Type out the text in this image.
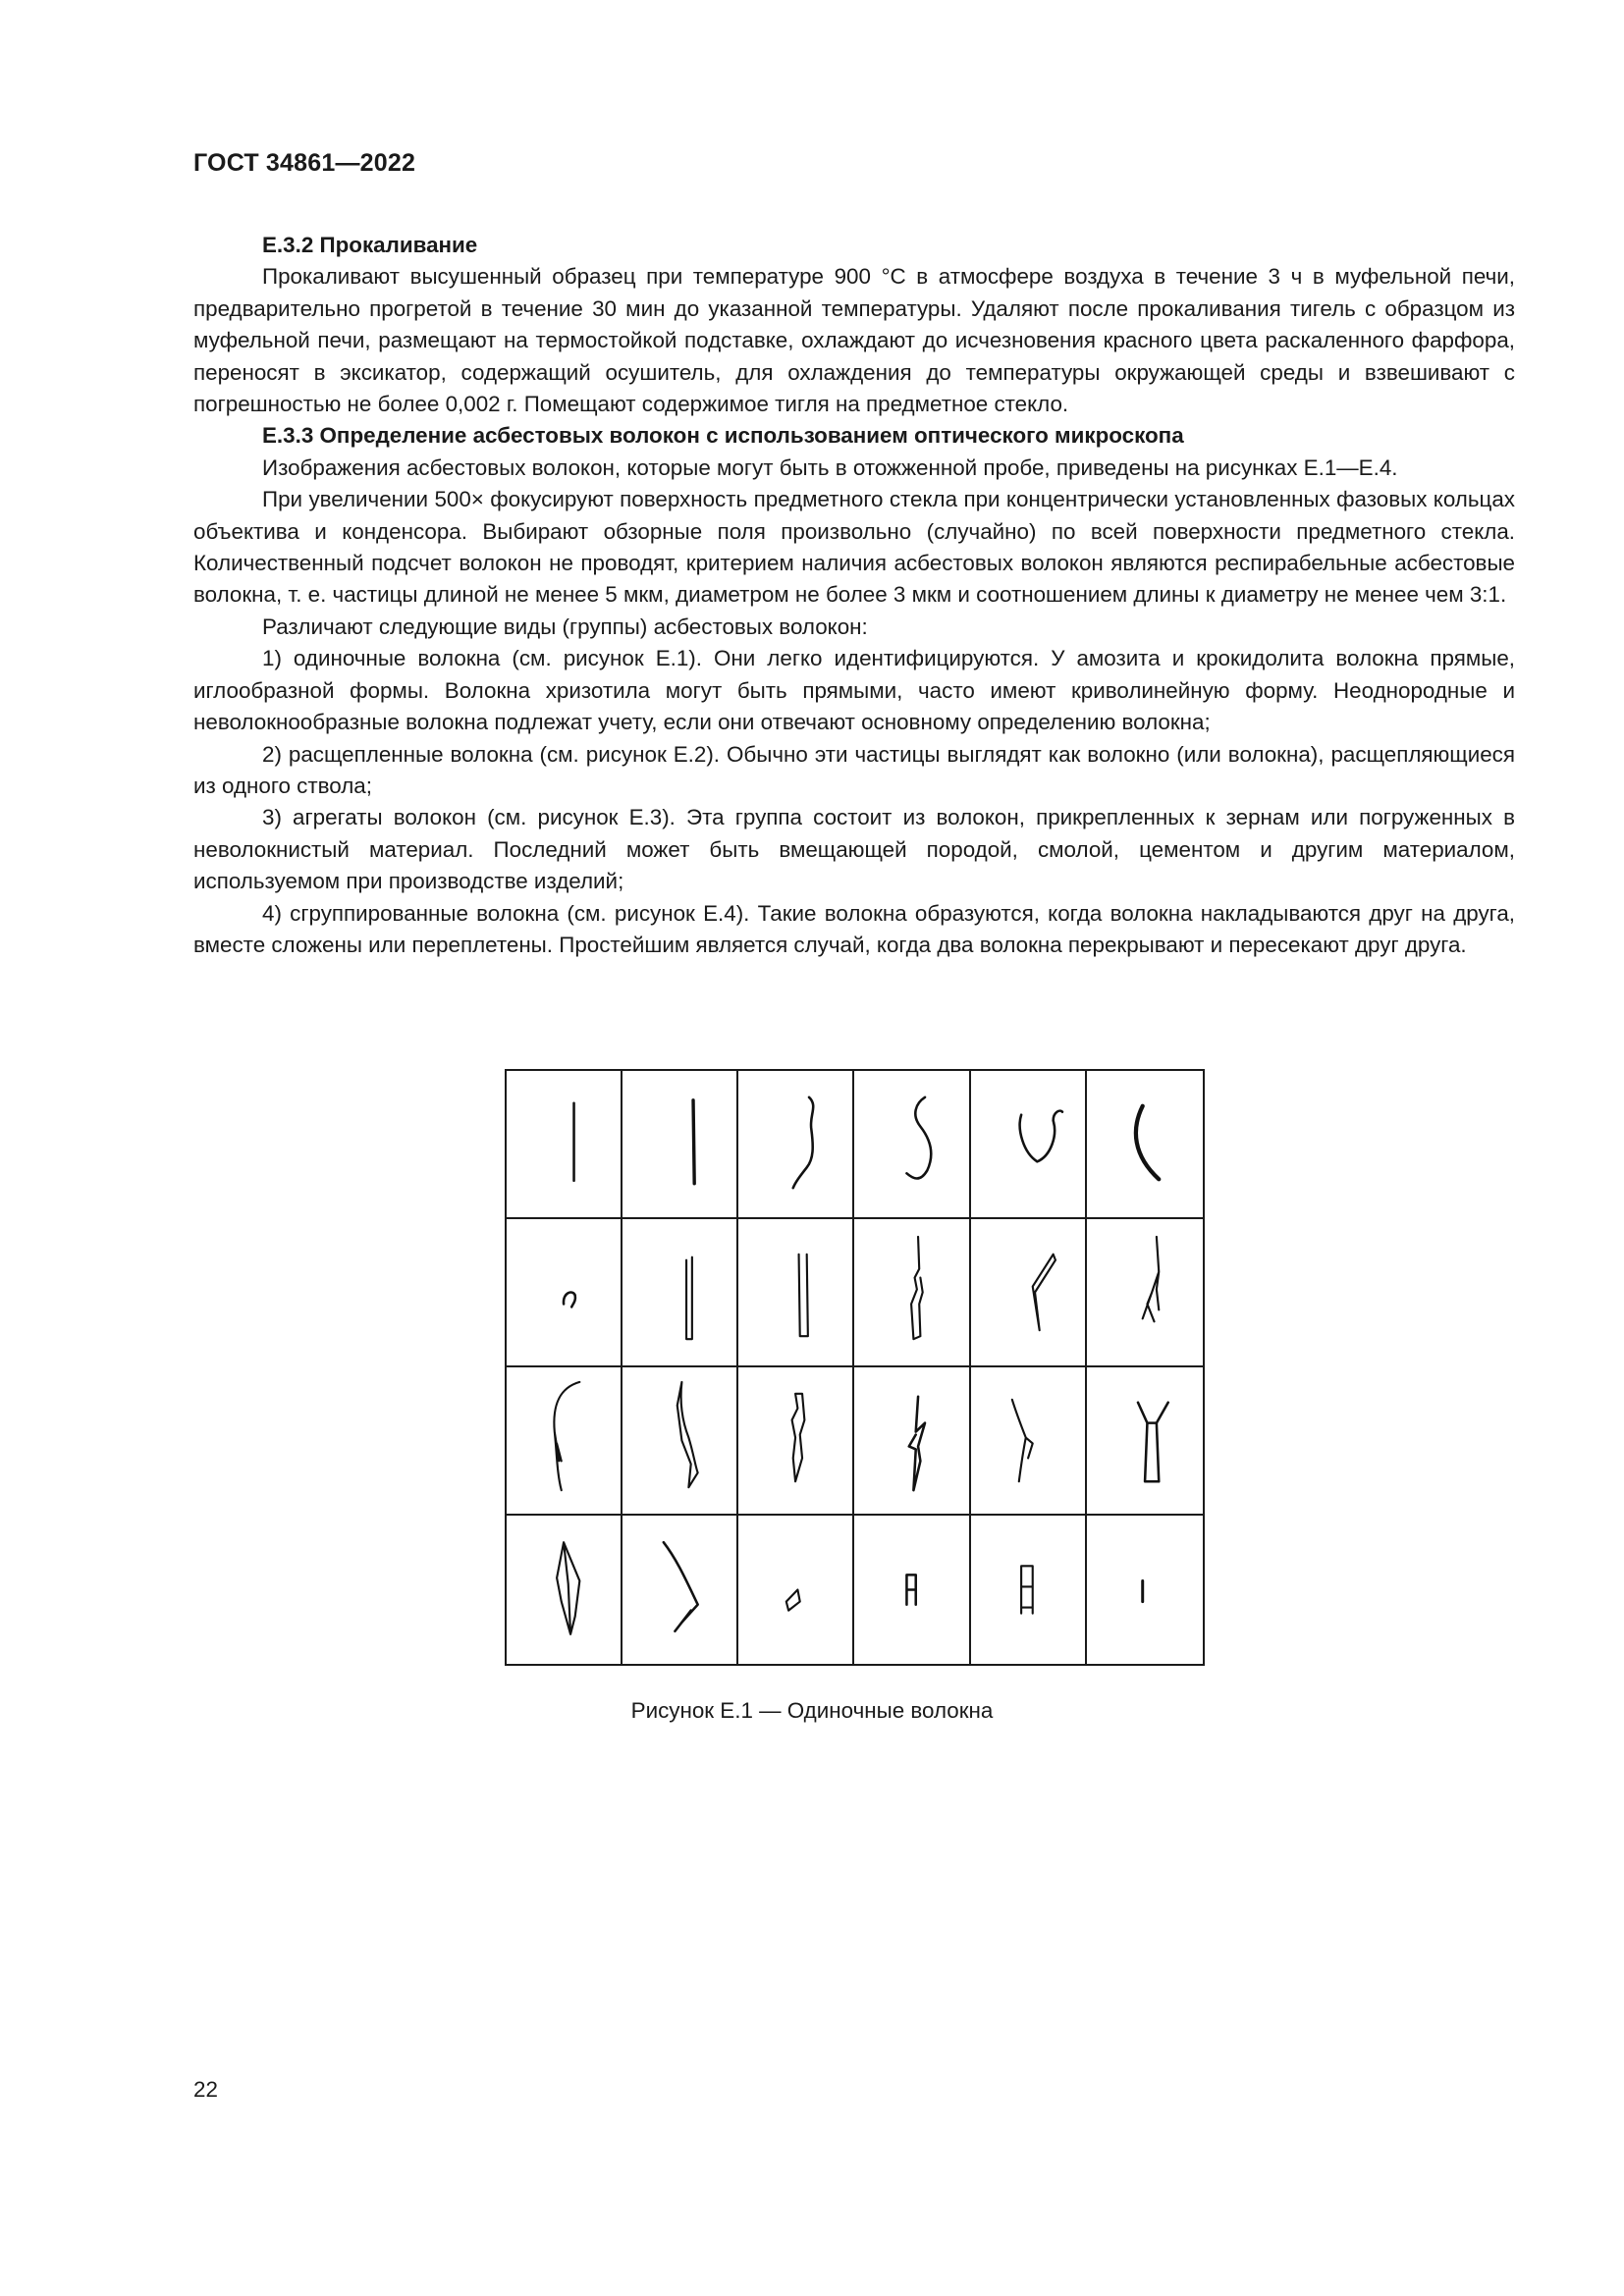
ГОСТ 34861—2022

Е.3.2 Прокаливание

Прокаливают высушенный образец при температуре 900 °С в атмосфере воздуха в течение 3 ч в муфельной печи, предварительно прогретой в течение 30 мин до указанной температуры. Удаляют после прокаливания тигель с образцом из муфельной печи, размещают на термостойкой подставке, охлаждают до исчезновения красного цвета раскаленного фарфора, переносят в эксикатор, содержащий осушитель, для охлаждения до температуры окружающей среды и взвешивают с погрешностью не более 0,002 г. Помещают содержимое тигля на предметное стекло.

Е.3.3 Определение асбестовых волокон с использованием оптического микроскопа

Изображения асбестовых волокон, которые могут быть в отожженной пробе, приведены на рисунках Е.1—Е.4.

При увеличении 500× фокусируют поверхность предметного стекла при концентрически установленных фазовых кольцах объектива и конденсора. Выбирают обзорные поля произвольно (случайно) по всей поверхности предметного стекла. Количественный подсчет волокон не проводят, критерием наличия асбестовых волокон являются респирабельные асбестовые волокна, т. е. частицы длиной не менее 5 мкм, диаметром не более 3 мкм и соотношением длины к диаметру не менее чем 3:1.

Различают следующие виды (группы) асбестовых волокон:

1) одиночные волокна (см. рисунок Е.1). Они легко идентифицируются. У амозита и крокидолита волокна прямые, иглообразной формы. Волокна хризотила могут быть прямыми, часто имеют криволинейную форму. Неоднородные и неволокнообразные волокна подлежат учету, если они отвечают основному определению волокна;

2) расщепленные волокна (см. рисунок Е.2). Обычно эти частицы выглядят как волокно (или волокна), расщепляющиеся из одного ствола;

3) агрегаты волокон (см. рисунок Е.3). Эта группа состоит из волокон, прикрепленных к зернам или погруженных в неволокнистый материал. Последний может быть вмещающей породой, смолой, цементом и другим материалом, используемом при производстве изделий;

4) сгруппированные волокна (см. рисунок Е.4). Такие волокна образуются, когда волокна накладываются друг на друга, вместе сложены или переплетены. Простейшим является случай, когда два волокна перекрывают и пересекают друг друга.

Рисунок Е.1 — Одиночные волокна
22
